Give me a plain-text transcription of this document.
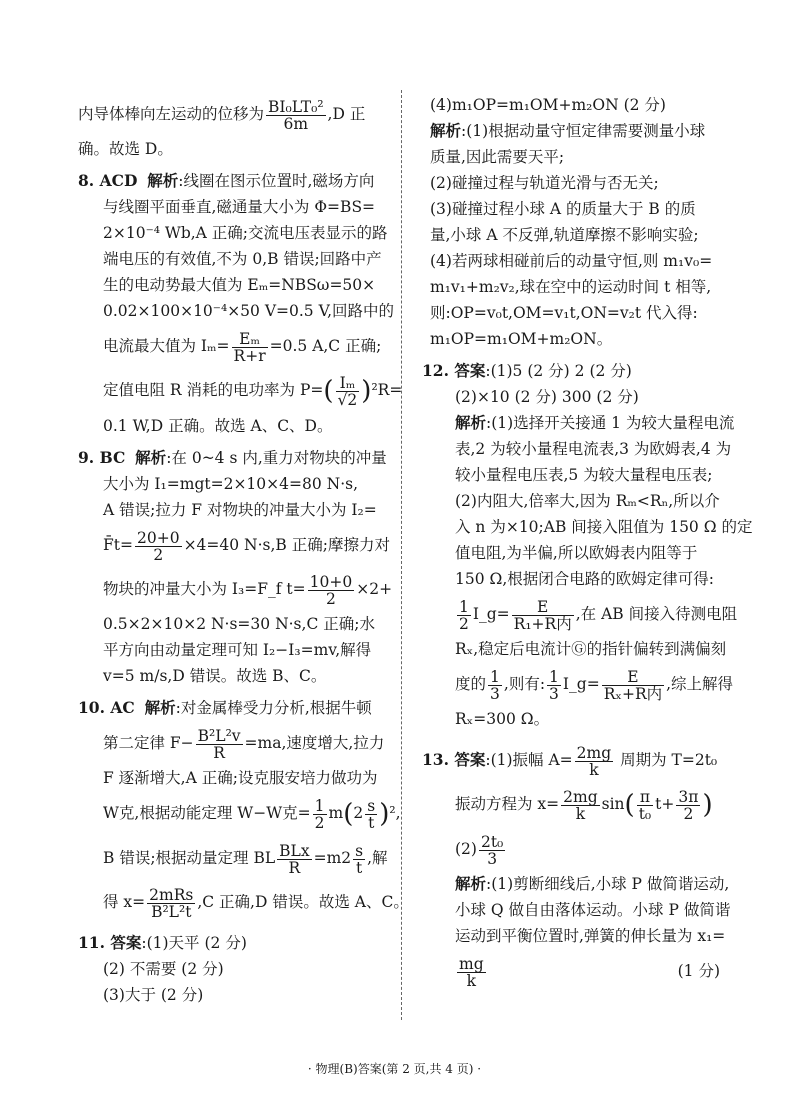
内导体棒向左运动的位移为 $\frac{\text{BI₀LT₀²}}{6m} ,D$ 正
确。故选 D。
8. ACD 解析:线圈在图示位置时,磁场方向
与线圈平面垂直,磁通量大小为 Φ=BS=
2×10⁻⁴ Wb,A 正确;交流电压表显示的路
端电压的有效值,不为 0,B 错误;回路中产
生的电动势最大值为 Eₘ=NBSω=50×
0.02×100×10⁻⁴×50 V=0.5 V,回路中的
电流最大值为 $I_m= \frac{\text{Eₘ}}{R+r} =0.5$ A,C 正确;
定值电阻 R 消耗的电功率为 $P=( \frac{\text{Iₘ}}{√2} )^2R=$
0.1 W,D 正确。故选 A、C、D。
9. BC 解析:在 0~4 s 内,重力对物块的冲量
大小为 I₁=mgt=2×10×4=80 N·s,
A 错误;拉力 F 对物块的冲量大小为 I₂=
F̄t= $\frac{20+0}{2} \times 4=40$ N·s,B 正确;摩擦力对
物块的冲量大小为 I₃=F_f $t= \frac{10+0}{2} \times 2+$
0.5×2×10×2 N·s=30 N·s,C 正确;水
平方向由动量定理可知 I₂−I₃=mv,解得
v=5 m/s,D 错误。故选 B、C。
10. AC 解析:对金属棒受力分析,根据牛顿
第二定律 $F- \frac{\text{B²L²v}}{R} =ma$,速度增大,拉力
F 逐渐增大,A 正确;设克服安培力做功为
W克,根据动能定理 W−W克= $\frac{1}{2} m(2 \frac{s}{t} )^2$,
B 错误;根据动量定理 BL BLx
R
$=m2 \frac{s}{t}$ ,解
得 x= 2mRs
B²L²t
,C 正确,D 错误。故选 A、C。
11. 答案:(1)天平 (2 分)
(2) 不需要 (2 分)
(3)大于 (2 分)
(4)m₁OP=m₁OM+m₂ON (2 分)
解析:(1)根据动量守恒定律需要测量小球
质量,因此需要天平;
(2)碰撞过程与轨道光滑与否无关;
(3)碰撞过程小球 A 的质量大于 B 的质
量,小球 A 不反弹,轨道摩擦不影响实验;
(4)若两球相碰前后的动量守恒,则 m₁v₀=
m₁v₁+m₂v₂,球在空中的运动时间 t 相等,
则:OP=v₀t,OM=v₁t,ON=v₂t 代入得:
m₁OP=m₁OM+m₂ON。
12. 答案:(1)5 (2 分) 2 (2 分)
(2)×10 (2 分) 300 (2 分)
解析:(1)选择开关接通 1 为较大量程电流
表,2 为较小量程电流表,3 为欧姆表,4 为
较小量程电压表,5 为较大量程电压表;
(2)内阻大,倍率大,因为 Rₘ<Rₙ,所以介
入 n 为×10;AB 间接入阻值为 150 Ω 的定
值电阻,为半偏,所以欧姆表内阻等于
150 Ω,根据闭合电路的欧姆定律可得:
$\frac{1}{2}$ I_g=	E
R₁+R内
,在 AB 间接入待测电阻
Rₓ,稳定后电流计Ⓖ的指针偏转到满偏刻
度的 $\frac{1}{3}$ ,则有: $\frac{1}{3}$ I_g=	E
Rₓ+R内
,综上解得
Rₓ=300 Ω。
13. 答案:(1)振幅 $A= \frac{2mg}{k}$ 周期为 T=2t₀
振动方程为 $x= \frac{2mg}{k} \sin( \frac{\pi}{\text{t₀}} t+ \frac{3\pi}{2}$ )
$(2) \frac{\text{2t₀}}{3}$
解析:(1)剪断细线后,小球 P 做简谐运动,
小球 Q 做自由落体运动。小球 P 做简谐
运动到平衡位置时,弹簧的伸长量为 x₁=
$\frac{mg}{k}$	(1 分)
· 物理(B)答案(第 2 页,共 4 页) ·
